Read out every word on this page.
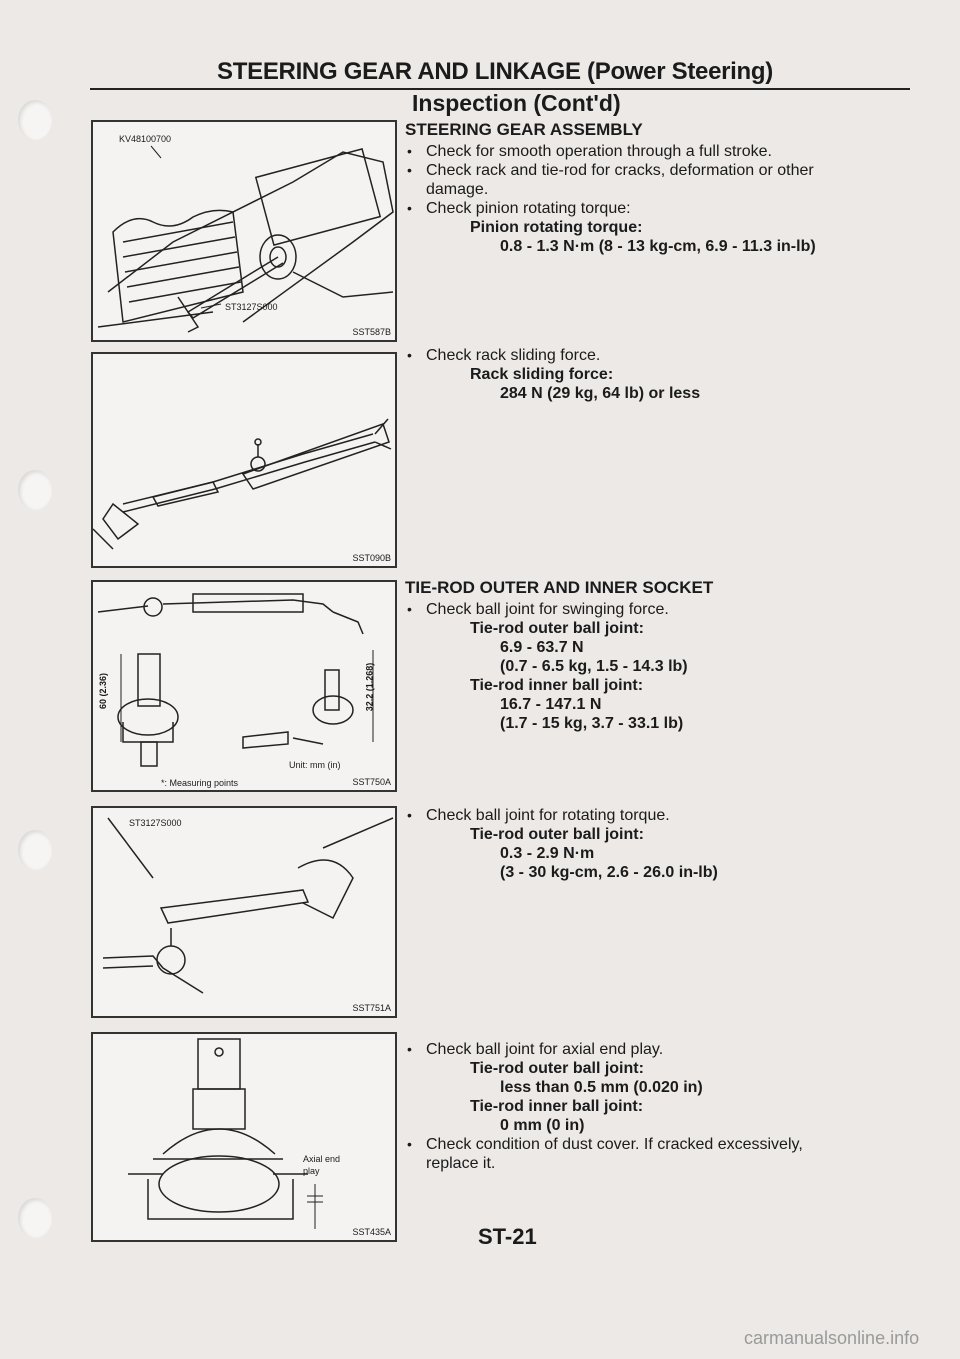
STEERING GEAR AND LINKAGE (Power Steering)
Inspection (Cont'd)
KV48100700
ST3127S000
SST587B
SST090B
60 (2.36)	32.2 (1.268)
Unit: mm (in)
*: Measuring points	SST750A
ST3127S000
SST751A
Axial end
play
SST435A

STEERING GEAR ASSEMBLY

• Check for smooth operation through a full stroke.

• Check rack and tie-rod for cracks, deformation or other

damage.

• Check pinion rotating torque:

Pinion rotating torque:

0.8 - 1.3 N·m (8 - 13 kg-cm, 6.9 - 11.3 in-lb)

• Check rack sliding force.

Rack sliding force:

284 N (29 kg, 64 lb) or less

TIE-ROD OUTER AND INNER SOCKET

• Check ball joint for swinging force.

Tie-rod outer ball joint:

6.9 - 63.7 N

(0.7 - 6.5 kg, 1.5 - 14.3 lb)

Tie-rod inner ball joint:

16.7 - 147.1 N

(1.7 - 15 kg, 3.7 - 33.1 lb)

• Check ball joint for rotating torque.

Tie-rod outer ball joint:

0.3 - 2.9 N·m

(3 - 30 kg-cm, 2.6 - 26.0 in-lb)

• Check ball joint for axial end play.

Tie-rod outer ball joint:

less than 0.5 mm (0.020 in)

Tie-rod inner ball joint:

0 mm (0 in)

• Check condition of dust cover. If cracked excessively,

replace it.

ST-21
carmanualsonline.info
